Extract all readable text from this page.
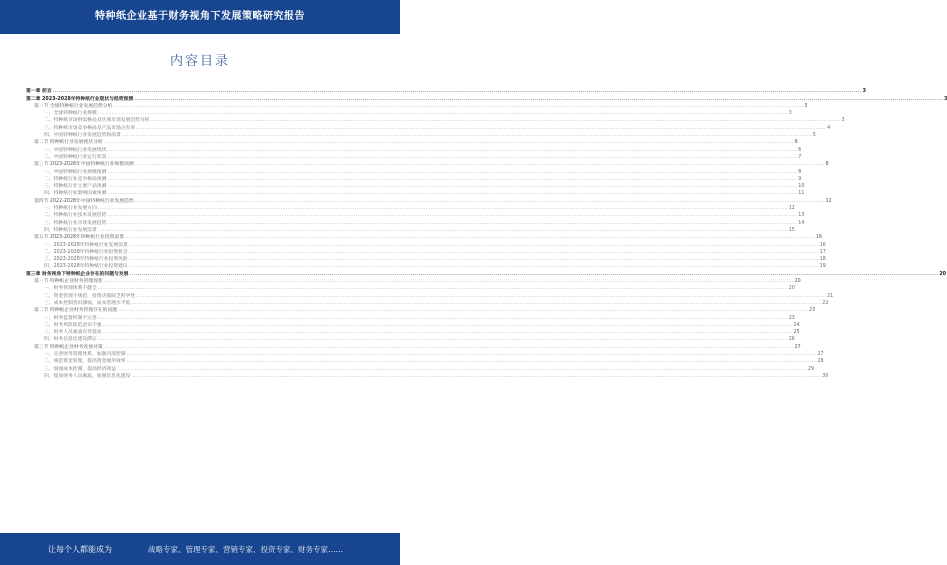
特种纸企业基于财务视角下发展策略研究报告
内容目录
第一章 前言 ................................................................................................................................................................................................................................................................................................................................................................................................................ 3
第二章 2023-2028年特种纸行业现状与趋势预测 ................................................................................................................................................................................................................................................................................................................................................................................................................ 3
第一节 全球特种纸行业发展趋势分析 ................................................................................................................................................................................................................................................................................................................................................................................................................ 3
一、全球特种纸行业规模 ................................................................................................................................................................................................................................................................................................................................................................................................................ 3
二、特种纸市场供需格局及区域市场发展趋势分析 ................................................................................................................................................................................................................................................................................................................................................................................................................ 3
三、特种纸市场竞争格局及产品市场占有率 ................................................................................................................................................................................................................................................................................................................................................................................................................ 4
四、中国特种纸行业发展趋势和前景 ................................................................................................................................................................................................................................................................................................................................................................................................................ 5
第二节 特种纸行业发展现状分析 ................................................................................................................................................................................................................................................................................................................................................................................................................ 6
一、中国特种纸行业发展现状 ................................................................................................................................................................................................................................................................................................................................................................................................................ 6
二、中国特种纸行业运行状况 ................................................................................................................................................................................................................................................................................................................................................................................................................ 7
第三节 2023-2028年中国特种纸行业规模预测 ................................................................................................................................................................................................................................................................................................................................................................................................................ 8
一、中国特种纸行业规模预测 ................................................................................................................................................................................................................................................................................................................................................................................................................ 8
二、特种纸行业竞争格局预测 ................................................................................................................................................................................................................................................................................................................................................................................................................ 9
三、特种纸行业主要产品预测 ................................................................................................................................................................................................................................................................................................................................................................................................................ 10
四、特种纸行业影响因素预测 ................................................................................................................................................................................................................................................................................................................................................................................................................ 11
第四节 2022-2028年中国特种纸行业发展趋势 ................................................................................................................................................................................................................................................................................................................................................................................................................ 12
一、特种纸行业发展方向 ................................................................................................................................................................................................................................................................................................................................................................................................................ 12
二、特种纸行业技术发展趋势 ................................................................................................................................................................................................................................................................................................................................................................................................................ 13
三、特种纸行业市场发展趋势 ................................................................................................................................................................................................................................................................................................................................................................................................................ 14
四、特种纸行业发展前景 ................................................................................................................................................................................................................................................................................................................................................................................................................ 15
第五节 2023-2028年特种纸行业投资前景 ................................................................................................................................................................................................................................................................................................................................................................................................................ 16
一、2023-2028年特种纸行业发展前景 ................................................................................................................................................................................................................................................................................................................................................................................................................ 16
二、2023-2028年特种纸行业投资机会 ................................................................................................................................................................................................................................................................................................................................................................................................................ 17
三、2023-2028年特种纸行业投资风险 ................................................................................................................................................................................................................................................................................................................................................................................................................ 18
四、2023-2028年特种纸行业投资建议 ................................................................................................................................................................................................................................................................................................................................................................................................................ 19
第三章 财务视角下特种纸企业存在的问题与发展 ................................................................................................................................................................................................................................................................................................................................................................................................................ 20
第一节 特种纸企业财务管理现状 ................................................................................................................................................................................................................................................................................................................................................................................................................ 20
一、财务管理体系不健全 ................................................................................................................................................................................................................................................................................................................................................................................................................ 20
二、资金管理不规范，投资决策缺乏科学性 ................................................................................................................................................................................................................................................................................................................................................................................................................ 21
三、成本控制意识薄弱，成本管理水平低 ................................................................................................................................................................................................................................................................................................................................................................................................................ 22
第二节 特种纸企业财务管理存在的问题 ................................................................................................................................................................................................................................................................................................................................................................................................................ 23
一、财务监督机制不完善 ................................................................................................................................................................................................................................................................................................................................................................................................................ 23
二、财务风险防范意识不强 ................................................................................................................................................................................................................................................................................................................................................................................................................ 24
三、财务人员素质有待提高 ................................................................................................................................................................................................................................................................................................................................................................................................................ 25
四、财务信息化建设滞后 ................................................................................................................................................................................................................................................................................................................................................................................................................ 26
第三节 特种纸企业财务发展对策 ................................................................................................................................................................................................................................................................................................................................................................................................................ 27
一、完善财务管理体系，加强内部控制 ................................................................................................................................................................................................................................................................................................................................................................................................................ 27
二、规范资金管理，提高资金使用效率 ................................................................................................................................................................................................................................................................................................................................................................................................................ 28
三、加强成本控制，提高经济效益 ................................................................................................................................................................................................................................................................................................................................................................................................................ 29
四、提高财务人员素质，加强信息化建设 ................................................................................................................................................................................................................................................................................................................................................................................................................ 30
让每个人都能成为	战略专家、管理专家、营销专家、投资专家、财务专家……
